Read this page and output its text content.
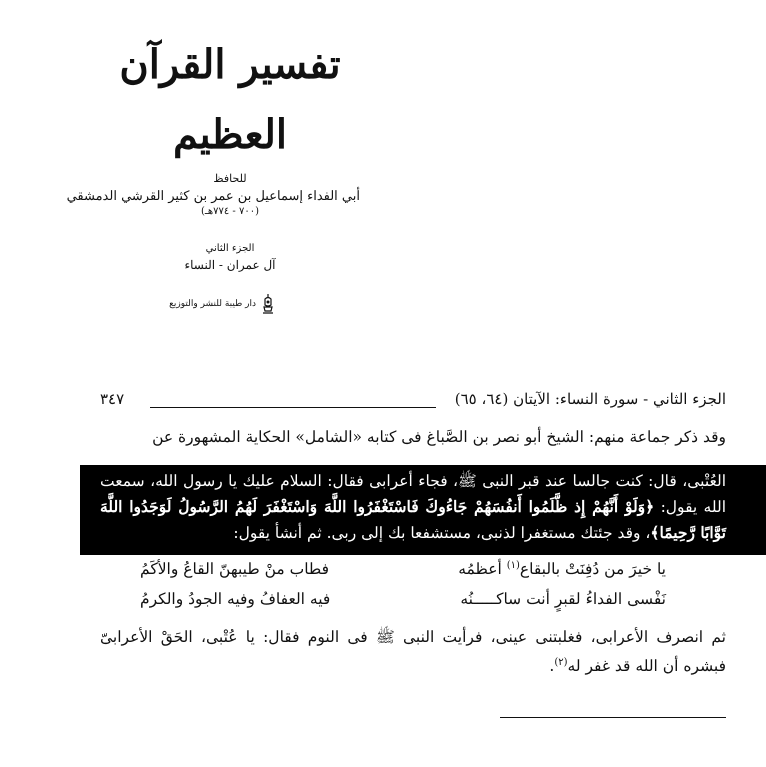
تفسير القرآن العظيم
للحافظ
أبي الفداء إسماعيل بن عمر بن كثير القرشي الدمشقي
(٧٠٠ - ٧٧٤هـ)
الجزء الثاني
آل عمران - النساء
دار طيبة للنشر والتوزيع
الجزء الثاني - سورة النساء: الآيتان (٦٤، ٦٥)
٣٤٧
وقد ذكر جماعة منهم: الشيخ أبو نصر بن الصَّباغ فى كتابه «الشامل» الحكاية المشهورة عن
العُتْبى، قال: كنت جالسا عند قبر النبى ﷺ، فجاء أعرابى فقال: السلام عليك يا رسول الله، سمعت الله يقول: ﴿وَلَوْ أَنَّهُمْ إِذ ظَّلَمُوا أَنفُسَهُمْ جَاءُوكَ فَاسْتَغْفَرُوا اللَّهَ وَاسْتَغْفَرَ لَهُمُ الرَّسُولُ لَوَجَدُوا اللَّهَ تَوَّابًا رَّحِيمًا﴾، وقد جئتك مستغفرا لذنبى، مستشفعا بك إلى ربى. ثم أنشأ يقول:
يا خيرَ من دُفِنَتْ بالبقاع$^{(١)}$ أعظمُه
فطاب منْ طيبهنّ القاعُ والأكَمُ
نَفْسى الفداءُ لقبرٍ أنت ساكـــــنُه
فيه العفافُ وفيه الجودُ والكرمُ
ثم انصرف الأعرابى، فغلبتنى عينى، فرأيت النبى ﷺ فى النوم فقال: يا عُتْبى، الحَقْ الأعرابىّ فبشره أن الله قد غفر له$^{(٢)}$.
